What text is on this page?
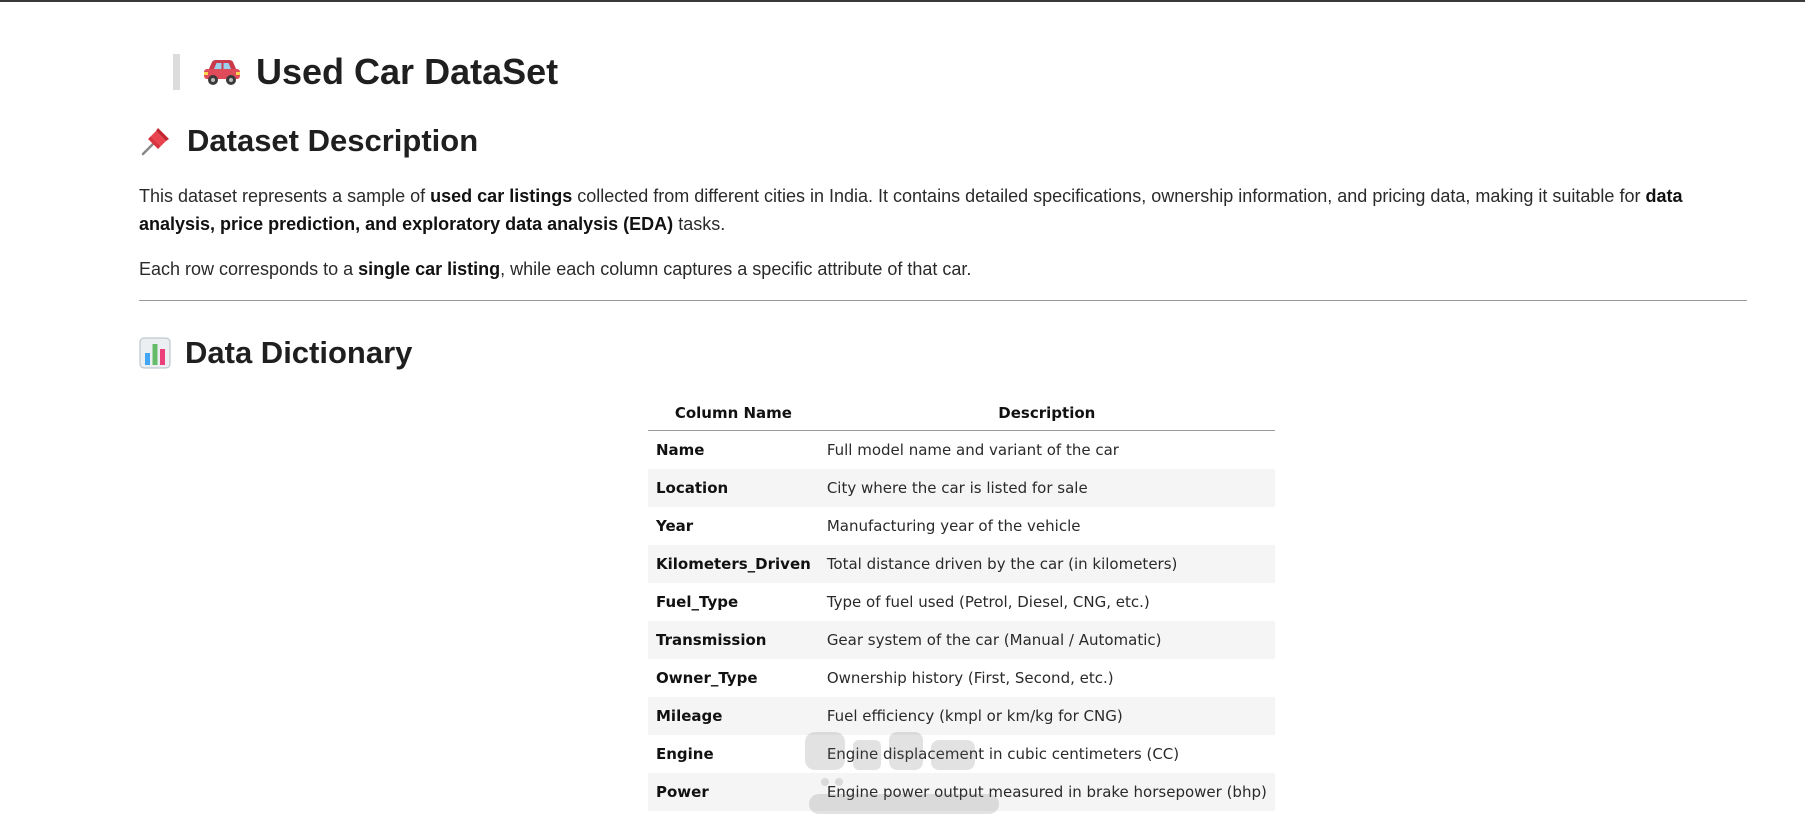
Used Car DataSet
Dataset Description
This dataset represents a sample of used car listings collected from different cities in India. It contains detailed specifications, ownership information, and pricing data, making it suitable for data analysis, price prediction, and exploratory data analysis (EDA) tasks.
Each row corresponds to a single car listing, while each column captures a specific attribute of that car.
Data Dictionary
Column Name	Description
Name	Full model name and variant of the car
Location	City where the car is listed for sale
Year	Manufacturing year of the vehicle
Kilometers_Driven	Total distance driven by the car (in kilometers)
Fuel_Type	Type of fuel used (Petrol, Diesel, CNG, etc.)
Transmission	Gear system of the car (Manual / Automatic)
Owner_Type	Ownership history (First, Second, etc.)
Mileage	Fuel efficiency (kmpl or km/kg for CNG)
Engine	Engine displacement in cubic centimeters (CC)
Power	Engine power output measured in brake horsepower (bhp)
